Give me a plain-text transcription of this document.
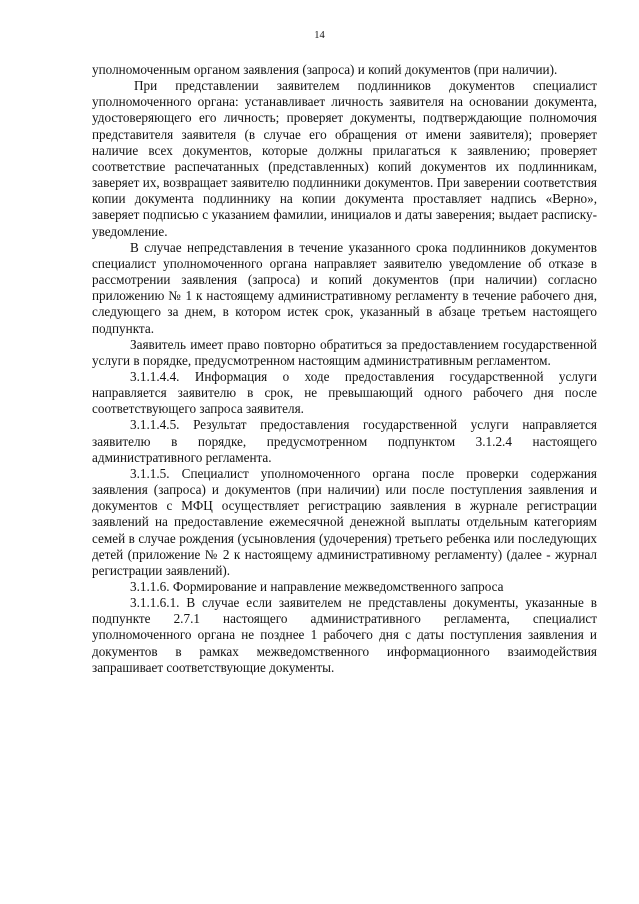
14

уполномоченным органом заявления (запроса) и копий документов (при наличии).

При представлении заявителем подлинников документов специалист уполномоченного органа: устанавливает личность заявителя на основании документа, удостоверяющего его личность; проверяет документы, подтверждающие полномочия представителя заявителя (в случае его обращения от имени заявителя); проверяет наличие всех документов, которые должны прилагаться к заявлению; проверяет соответствие распечатанных (представленных) копий документов их подлинникам, заверяет их, возвращает заявителю подлинники документов. При заверении соответствия копии документа подлиннику на копии документа проставляет надпись «Верно», заверяет подписью с указанием фамилии, инициалов и даты заверения; выдает расписку-уведомление.

В случае непредставления в течение указанного срока подлинников документов специалист уполномоченного органа направляет заявителю уведомление об отказе в рассмотрении заявления (запроса) и копий документов (при наличии) согласно приложению № 1 к настоящему административному регламенту в течение рабочего дня, следующего за днем, в котором истек срок, указанный в абзаце третьем настоящего подпункта.

Заявитель имеет право повторно обратиться за предоставлением государственной услуги в порядке, предусмотренном настоящим административным регламентом.

3.1.1.4.4. Информация о ходе предоставления государственной услуги направляется заявителю в срок, не превышающий одного рабочего дня после соответствующего запроса заявителя.

3.1.1.4.5. Результат предоставления государственной услуги направляется заявителю в порядке, предусмотренном подпунктом 3.1.2.4 настоящего административного регламента.

3.1.1.5. Специалист уполномоченного органа после проверки содержания заявления (запроса) и документов (при наличии) или после поступления заявления и документов с МФЦ осуществляет регистрацию заявления в журнале регистрации заявлений на предоставление ежемесячной денежной выплаты отдельным категориям семей в случае рождения (усыновления (удочерения) третьего ребенка или последующих детей (приложение № 2 к настоящему административному регламенту) (далее - журнал регистрации заявлений).

3.1.1.6. Формирование и направление межведомственного запроса

3.1.1.6.1. В случае если заявителем не представлены документы, указанные в подпункте 2.7.1 настоящего административного регламента, специалист уполномоченного органа не позднее 1 рабочего дня с даты поступления заявления и документов в рамках межведомственного информационного взаимодействия запрашивает соответствующие документы.
